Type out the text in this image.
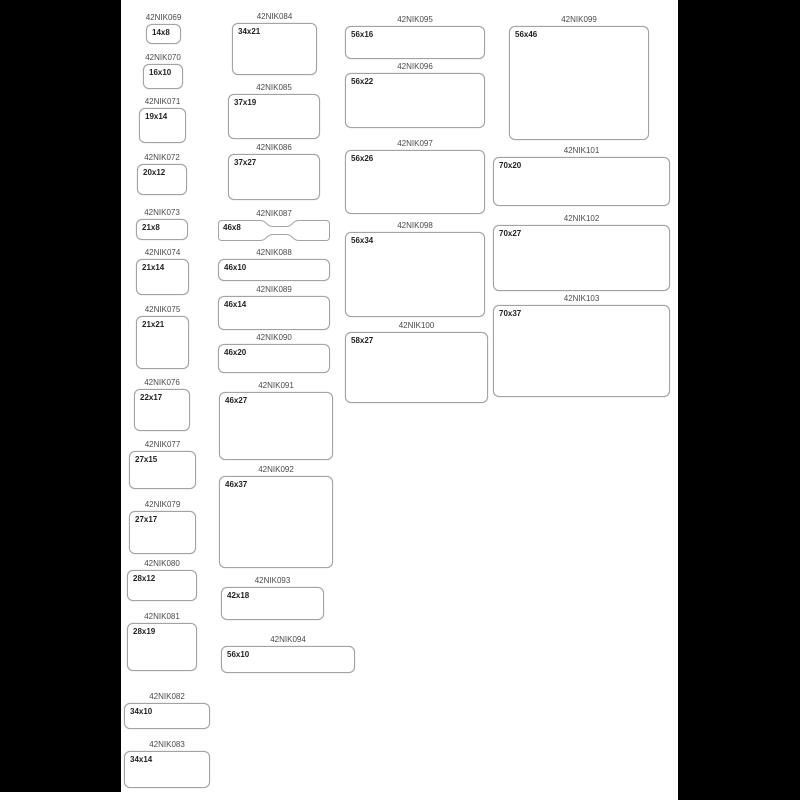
42NIK069
14x8
42NIK070
16x10
42NIK071
19x14
42NIK072
20x12
42NIK073
21x8
42NIK074
21x14
42NIK075
21x21
42NIK076
22x17
42NIK077
27x15
42NIK079
27x17
42NIK080
28x12
42NIK081
28x19
42NIK082
34x10
42NIK083
34x14
42NIK084
34x21
42NIK085
37x19
42NIK086
37x27
42NIK087
46x8
42NIK088
46x10
42NIK089
46x14
42NIK090
46x20
42NIK091
46x27
42NIK092
46x37
42NIK093
42x18
42NIK094
56x10
42NIK095
56x16
42NIK096
56x22
42NIK097
56x26
42NIK098
56x34
42NIK100
58x27
42NIK099
56x46
42NIK101
70x20
42NIK102
70x27
42NIK103
70x37
